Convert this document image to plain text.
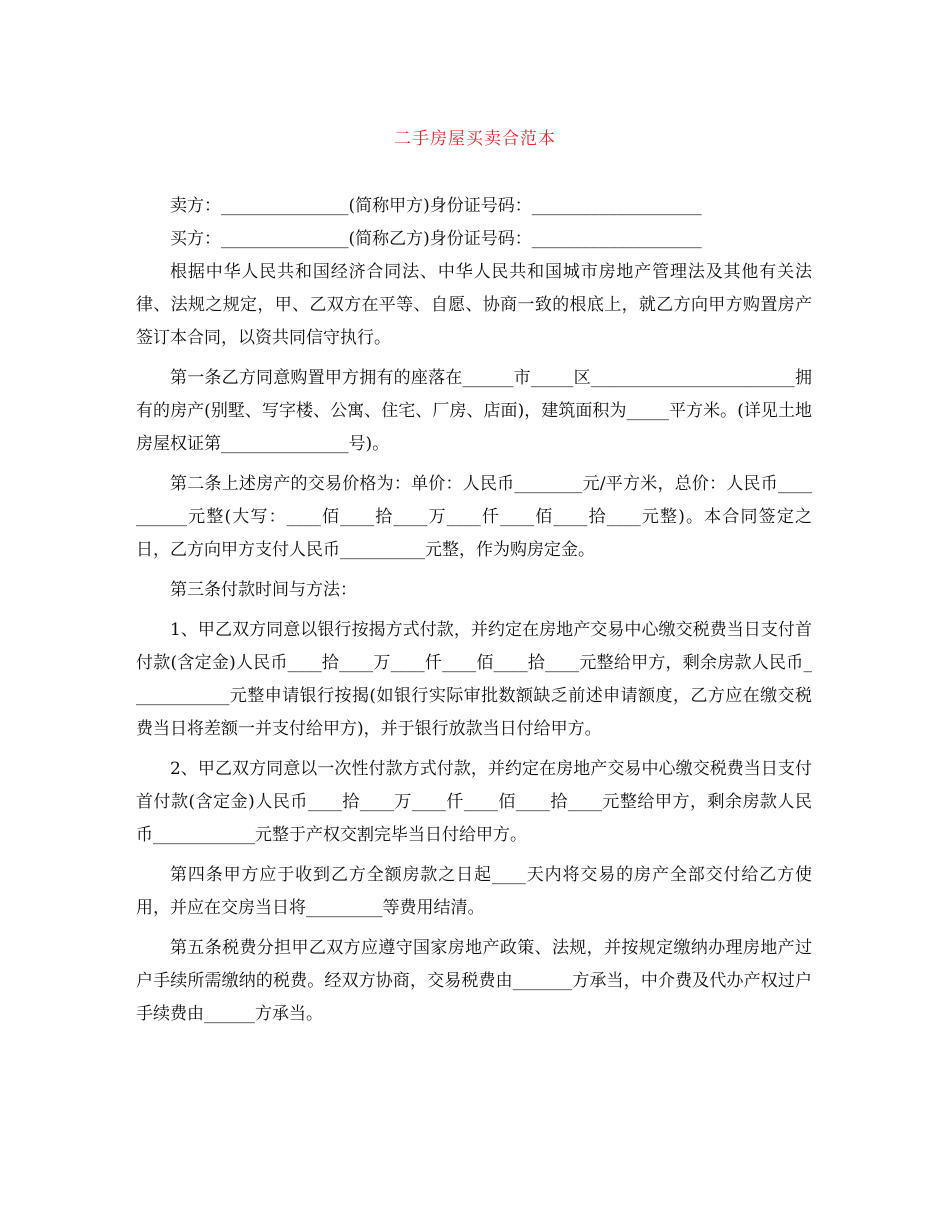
二手房屋买卖合范本

卖方：_______________(简称甲方)身份证号码：____________________

买方：_______________(简称乙方)身份证号码：____________________

根据中华人民共和国经济合同法、中华人民共和国城市房地产管理法及其他有关法律、法规之规定，甲、乙双方在平等、自愿、协商一致的根底上，就乙方向甲方购置房产签订本合同，以资共同信守执行。

第一条乙方同意购置甲方拥有的座落在______市_____区________________________拥有的房产(别墅、写字楼、公寓、住宅、厂房、店面)，建筑面积为_____平方米。(详见土地房屋权证第_______________号)。

第二条上述房产的交易价格为：单价：人民币________元/平方米，总价：人民币__________元整(大写：____佰____拾____万____仟____佰____拾____元整)。本合同签定之日，乙方向甲方支付人民币__________元整，作为购房定金。

第三条付款时间与方法：

1、甲乙双方同意以银行按揭方式付款，并约定在房地产交易中心缴交税费当日支付首付款(含定金)人民币____拾____万____仟____佰____拾____元整给甲方，剩余房款人民币____________元整申请银行按揭(如银行实际审批数额缺乏前述申请额度，乙方应在缴交税费当日将差额一并支付给甲方)，并于银行放款当日付给甲方。

2、甲乙双方同意以一次性付款方式付款，并约定在房地产交易中心缴交税费当日支付首付款(含定金)人民币____拾____万____仟____佰____拾____元整给甲方，剩余房款人民币____________元整于产权交割完毕当日付给甲方。

第四条甲方应于收到乙方全额房款之日起____天内将交易的房产全部交付给乙方使用，并应在交房当日将_________等费用结清。

第五条税费分担甲乙双方应遵守国家房地产政策、法规，并按规定缴纳办理房地产过户手续所需缴纳的税费。经双方协商，交易税费由_______方承当，中介费及代办产权过户手续费由______方承当。
